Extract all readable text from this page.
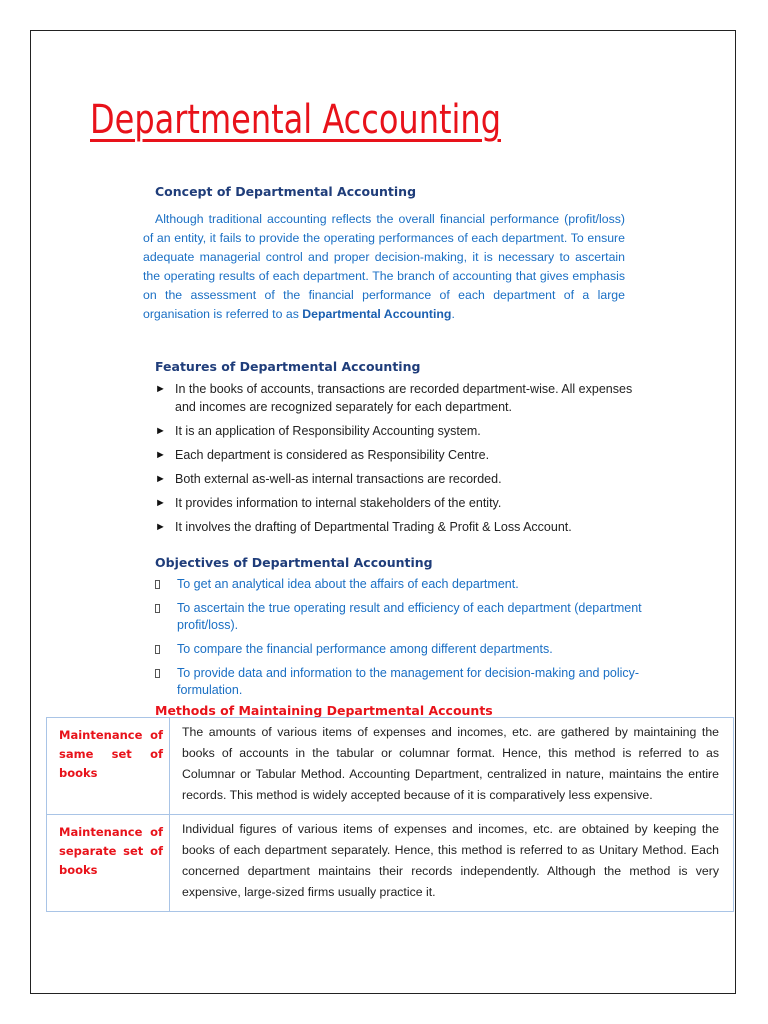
Departmental Accounting
Concept of Departmental Accounting

Although traditional accounting reflects the overall financial performance (profit/loss) of an entity, it fails to provide the operating performances of each department. To ensure adequate managerial control and proper decision-making, it is necessary to ascertain the operating results of each department. The branch of accounting that gives emphasis on the assessment of the financial performance of each department of a large organisation is referred to as Departmental Accounting.

Features of Departmental Accounting
► In the books of accounts, transactions are recorded department-wise. All expenses and incomes are recognized separately for each department.
► It is an application of Responsibility Accounting system.
► Each department is considered as Responsibility Centre.
► Both external as-well-as internal transactions are recorded.
► It provides information to internal stakeholders of the entity.
► It involves the drafting of Departmental Trading & Profit & Loss Account.
Objectives of Departmental Accounting
To get an analytical idea about the affairs of each department.
To ascertain the true operating result and efficiency of each department (department profit/loss).
To compare the financial performance among different departments.
To provide data and information to the management for decision-making and policy-formulation.
Methods of Maintaining Departmental Accounts
Maintenance of same set of books	The amounts of various items of expenses and incomes, etc. are gathered by maintaining the books of accounts in the tabular or columnar format. Hence, this method is referred to as Columnar or Tabular Method. Accounting Department, centralized in nature, maintains the entire records. This method is widely accepted because of it is comparatively less expensive.
Maintenance of separate set of books	Individual figures of various items of expenses and incomes, etc. are obtained by keeping the books of each department separately. Hence, this method is referred to as Unitary Method. Each concerned department maintains their records independently. Although the method is very expensive, large-sized firms usually practice it.
